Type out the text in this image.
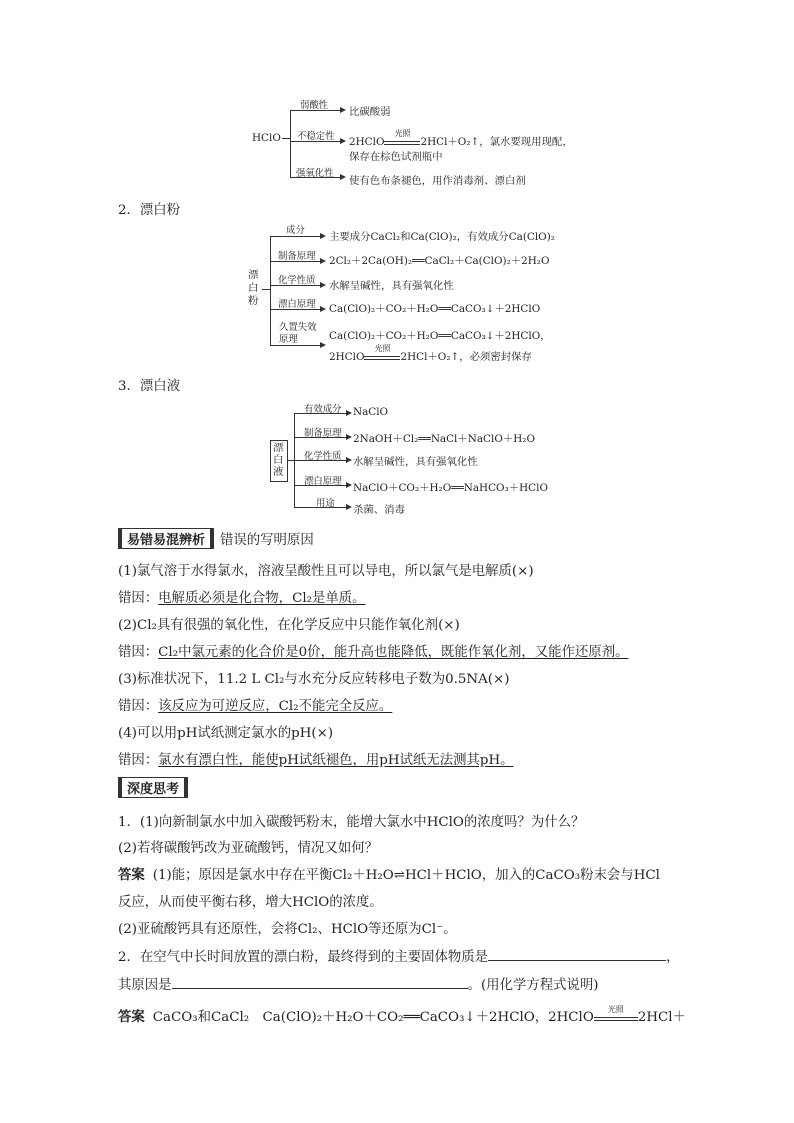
HClO
弱酸性
比碳酸弱
不稳定性 2HClO
光照
2HCl＋O₂↑，氯水要现用现配，
保存在棕色试剂瓶中
强氧化性
使有色布条褪色，用作消毒剂、漂白剂
2．漂白粉
漂白粉
成分
主要成分CaCl₂和Ca(ClO)₂，有效成分Ca(ClO)₂
制备原理 2Cl₂＋2Ca(OH)₂══CaCl₂＋Ca(ClO)₂＋2H₂O
化学性质 水解呈碱性，具有强氧化性
漂白原理 Ca(ClO)₂＋CO₂＋H₂O══CaCO₃↓＋2HClO
久置失效原理	Ca(ClO)₂＋CO₂＋H₂O══CaCO₃↓＋2HClO，
2HClO
光照
2HCl＋O₂↑，必须密封保存
3．漂白液
漂白液
有效成分 NaClO
制备原理 2NaOH＋Cl₂══NaCl＋NaClO＋H₂O
化学性质 水解呈碱性，具有强氧化性
漂白原理
NaClO＋CO₂＋H₂O══NaHCO₃＋HClO
用途
杀菌、消毒
易错易混辨析	错误的写明原因
(1)氯气溶于水得氯水，溶液呈酸性且可以导电，所以氯气是电解质(×)
错因：电解质必须是化合物，Cl₂是单质。
(2)Cl₂具有很强的氧化性，在化学反应中只能作氧化剂(×)
错因：Cl₂中氯元素的化合价是0价，能升高也能降低，既能作氧化剂，又能作还原剂。
(3)标准状况下，11.2 L Cl₂与水充分反应转移电子数为0.5NA(×)
错因：该反应为可逆反应，Cl₂不能完全反应。
(4)可以用pH试纸测定氯水的pH(×)
错因：氯水有漂白性，能使pH试纸褪色，用pH试纸无法测其pH。
深度思考
1．(1)向新制氯水中加入碳酸钙粉末，能增大氯水中HClO的浓度吗？为什么？
(2)若将碳酸钙改为亚硫酸钙，情况又如何？
答案 (1)能；原因是氯水中存在平衡Cl₂＋H₂O⇌HCl＋HClO，加入的CaCO₃粉末会与HCl
反应，从而使平衡右移，增大HClO的浓度。
(2)亚硫酸钙具有还原性，会将Cl₂、HClO等还原为Cl⁻。
2．在空气中长时间放置的漂白粉，最终得到的主要固体物质是	，
其原因是	。(用化学方程式说明)
答案 CaCO₃和CaCl₂　Ca(ClO)₂＋H₂O＋CO₂══CaCO₃↓＋2HClO，2HClO
光照
2HCl＋
